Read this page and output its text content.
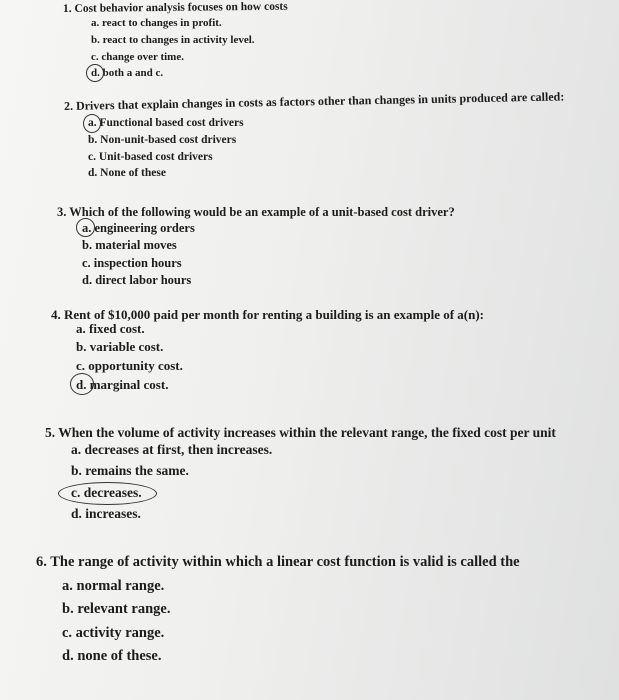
1. Cost behavior analysis focuses on how costs
a. react to changes in profit.
b. react to changes in activity level.
c. change over time.
d. both a and c.
2. Drivers that explain changes in costs as factors other than changes in units produced are called:
a. Functional based cost drivers
b. Non-unit-based cost drivers
c. Unit-based cost drivers
d. None of these
3. Which of the following would be an example of a unit-based cost driver?
a. engineering orders
b. material moves
c. inspection hours
d. direct labor hours
4. Rent of $10,000 paid per month for renting a building is an example of a(n):
a. fixed cost.
b. variable cost.
c. opportunity cost.
d. marginal cost.
5. When the volume of activity increases within the relevant range, the fixed cost per unit
a. decreases at first, then increases.
b. remains the same.
c. decreases.
d. increases.
6. The range of activity within which a linear cost function is valid is called the
a. normal range.
b. relevant range.
c. activity range.
d. none of these.
